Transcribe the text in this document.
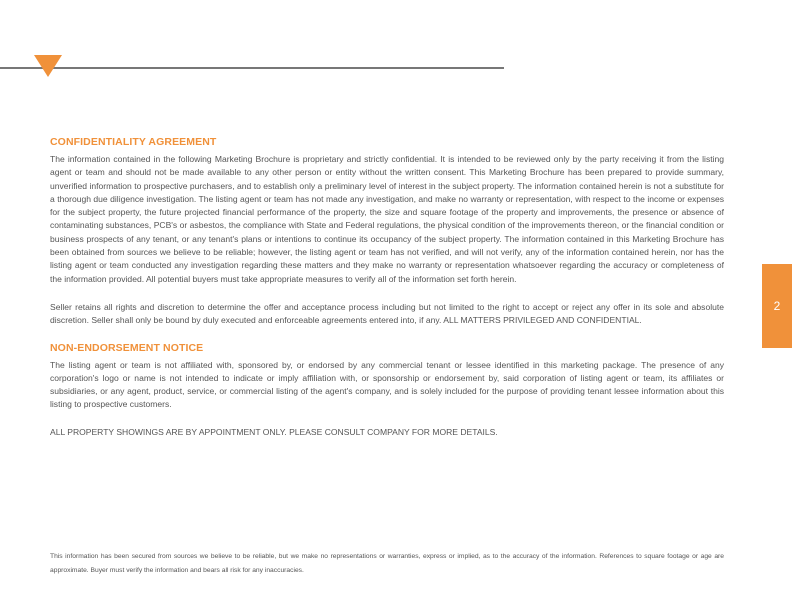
2
CONFIDENTIALITY AGREEMENT

The information contained in the following Marketing Brochure is proprietary and strictly confidential. It is intended to be reviewed only by the party receiving it from the listing agent or team and should not be made available to any other person or entity without the written consent. This Marketing Brochure has been prepared to provide summary, unverified information to prospective purchasers, and to establish only a preliminary level of interest in the subject property. The information contained herein is not a substitute for a thorough due diligence investigation. The listing agent or team has not made any investigation, and make no warranty or representation, with respect to the income or expenses for the subject property, the future projected financial performance of the property, the size and square footage of the property and improvements, the presence or absence of contaminating substances, PCB's or asbestos, the compliance with State and Federal regulations, the physical condition of the improvements thereon, or the financial condition or business prospects of any tenant, or any tenant's plans or intentions to continue its occupancy of the subject property. The information contained in this Marketing Brochure has been obtained from sources we believe to be reliable; however, the listing agent or team has not verified, and will not verify, any of the information contained herein, nor has the listing agent or team conducted any investigation regarding these matters and they make no warranty or representation whatsoever regarding the accuracy or completeness of the information provided. All potential buyers must take appropriate measures to verify all of the information set forth herein.

Seller retains all rights and discretion to determine the offer and acceptance process including but not limited to the right to accept or reject any offer in its sole and absolute discretion. Seller shall only be bound by duly executed and enforceable agreements entered into, if any. ALL MATTERS PRIVILEGED AND CONFIDENTIAL.

NON-ENDORSEMENT NOTICE

The listing agent or team is not affiliated with, sponsored by, or endorsed by any commercial tenant or lessee identified in this marketing package. The presence of any corporation's logo or name is not intended to indicate or imply affiliation with, or sponsorship or endorsement by, said corporation of listing agent or team, its affiliates or subsidiaries, or any agent, product, service, or commercial listing of the agent's company, and is solely included for the purpose of providing tenant lessee information about this listing to prospective customers.

ALL PROPERTY SHOWINGS ARE BY APPOINTMENT ONLY. PLEASE CONSULT COMPANY FOR MORE DETAILS.

This information has been secured from sources we believe to be reliable, but we make no representations or warranties, express or implied, as to the accuracy of the information. References to square footage or age are approximate. Buyer must verify the information and bears all risk for any inaccuracies.
